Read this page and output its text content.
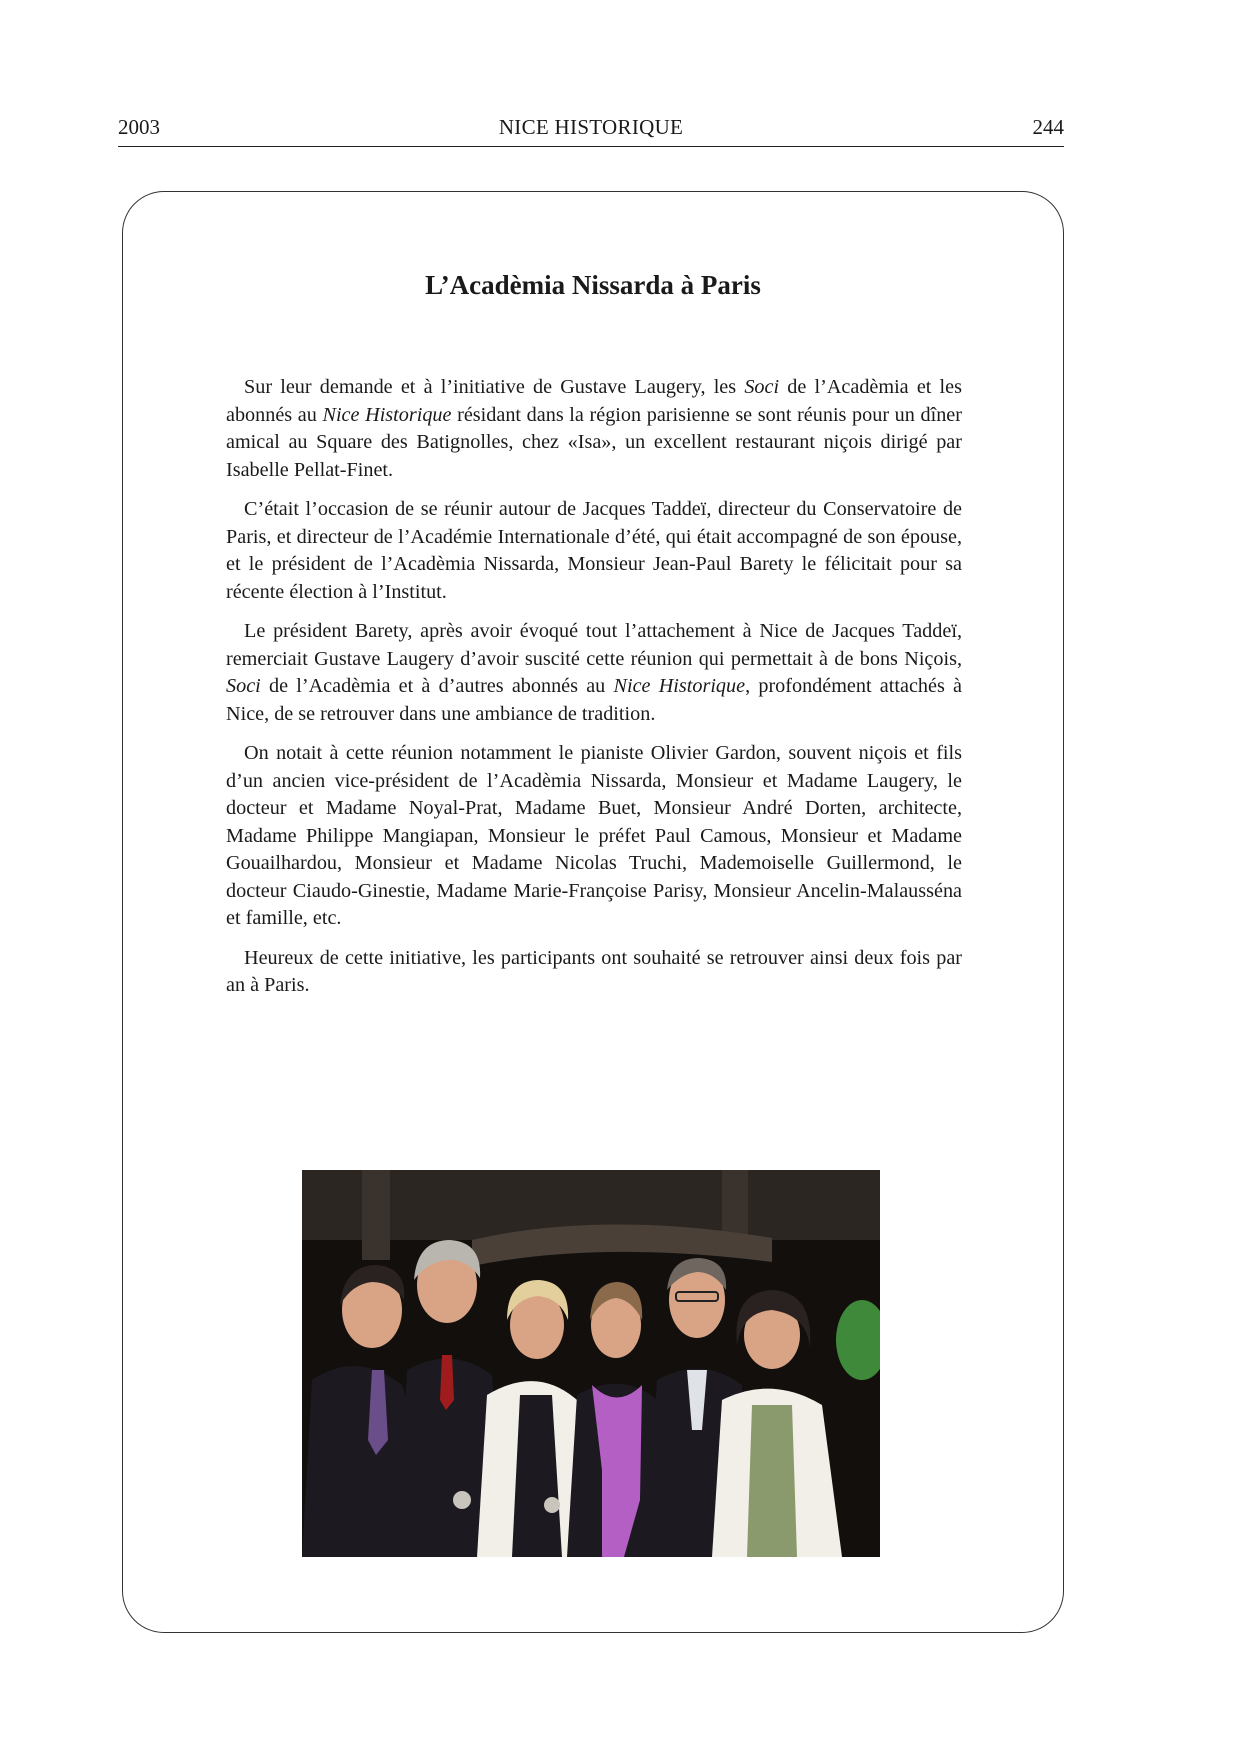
2003	NICE HISTORIQUE	244
L’Acadèmia Nissarda à Paris

Sur leur demande et à l’initiative de Gustave Laugery, les Soci de l’Acadèmia et les abonnés au Nice Historique résidant dans la région parisienne se sont réunis pour un dîner amical au Square des Batignolles, chez «Isa», un excellent restaurant niçois dirigé par Isabelle Pellat-Finet.

C’était l’occasion de se réunir autour de Jacques Taddeï, directeur du Conservatoire de Paris, et directeur de l’Académie Internationale d’été, qui était accompagné de son épouse, et le président de l’Acadèmia Nissarda, Monsieur Jean-Paul Barety le félicitait pour sa récente élection à l’Institut.

Le président Barety, après avoir évoqué tout l’attachement à Nice de Jacques Taddeï, remerciait Gustave Laugery d’avoir suscité cette réunion qui permettait à de bons Niçois, Soci de l’Acadèmia et à d’autres abonnés au Nice Historique, profondément attachés à Nice, de se retrouver dans une ambiance de tradition.

On notait à cette réunion notamment le pianiste Olivier Gardon, souvent niçois et fils d’un ancien vice-président de l’Acadèmia Nissarda, Monsieur et Madame Laugery, le docteur et Madame Noyal-Prat, Madame Buet, Monsieur André Dorten, architecte, Madame Philippe Mangiapan, Monsieur le préfet Paul Camous, Monsieur et Madame Gouailhardou, Monsieur et Madame Nicolas Truchi, Mademoiselle Guillermond, le docteur Ciaudo-Ginestie, Madame Marie-Françoise Parisy, Monsieur Ancelin-Malausséna et famille, etc.

Heureux de cette initiative, les participants ont souhaité se retrouver ainsi deux fois par an à Paris.
